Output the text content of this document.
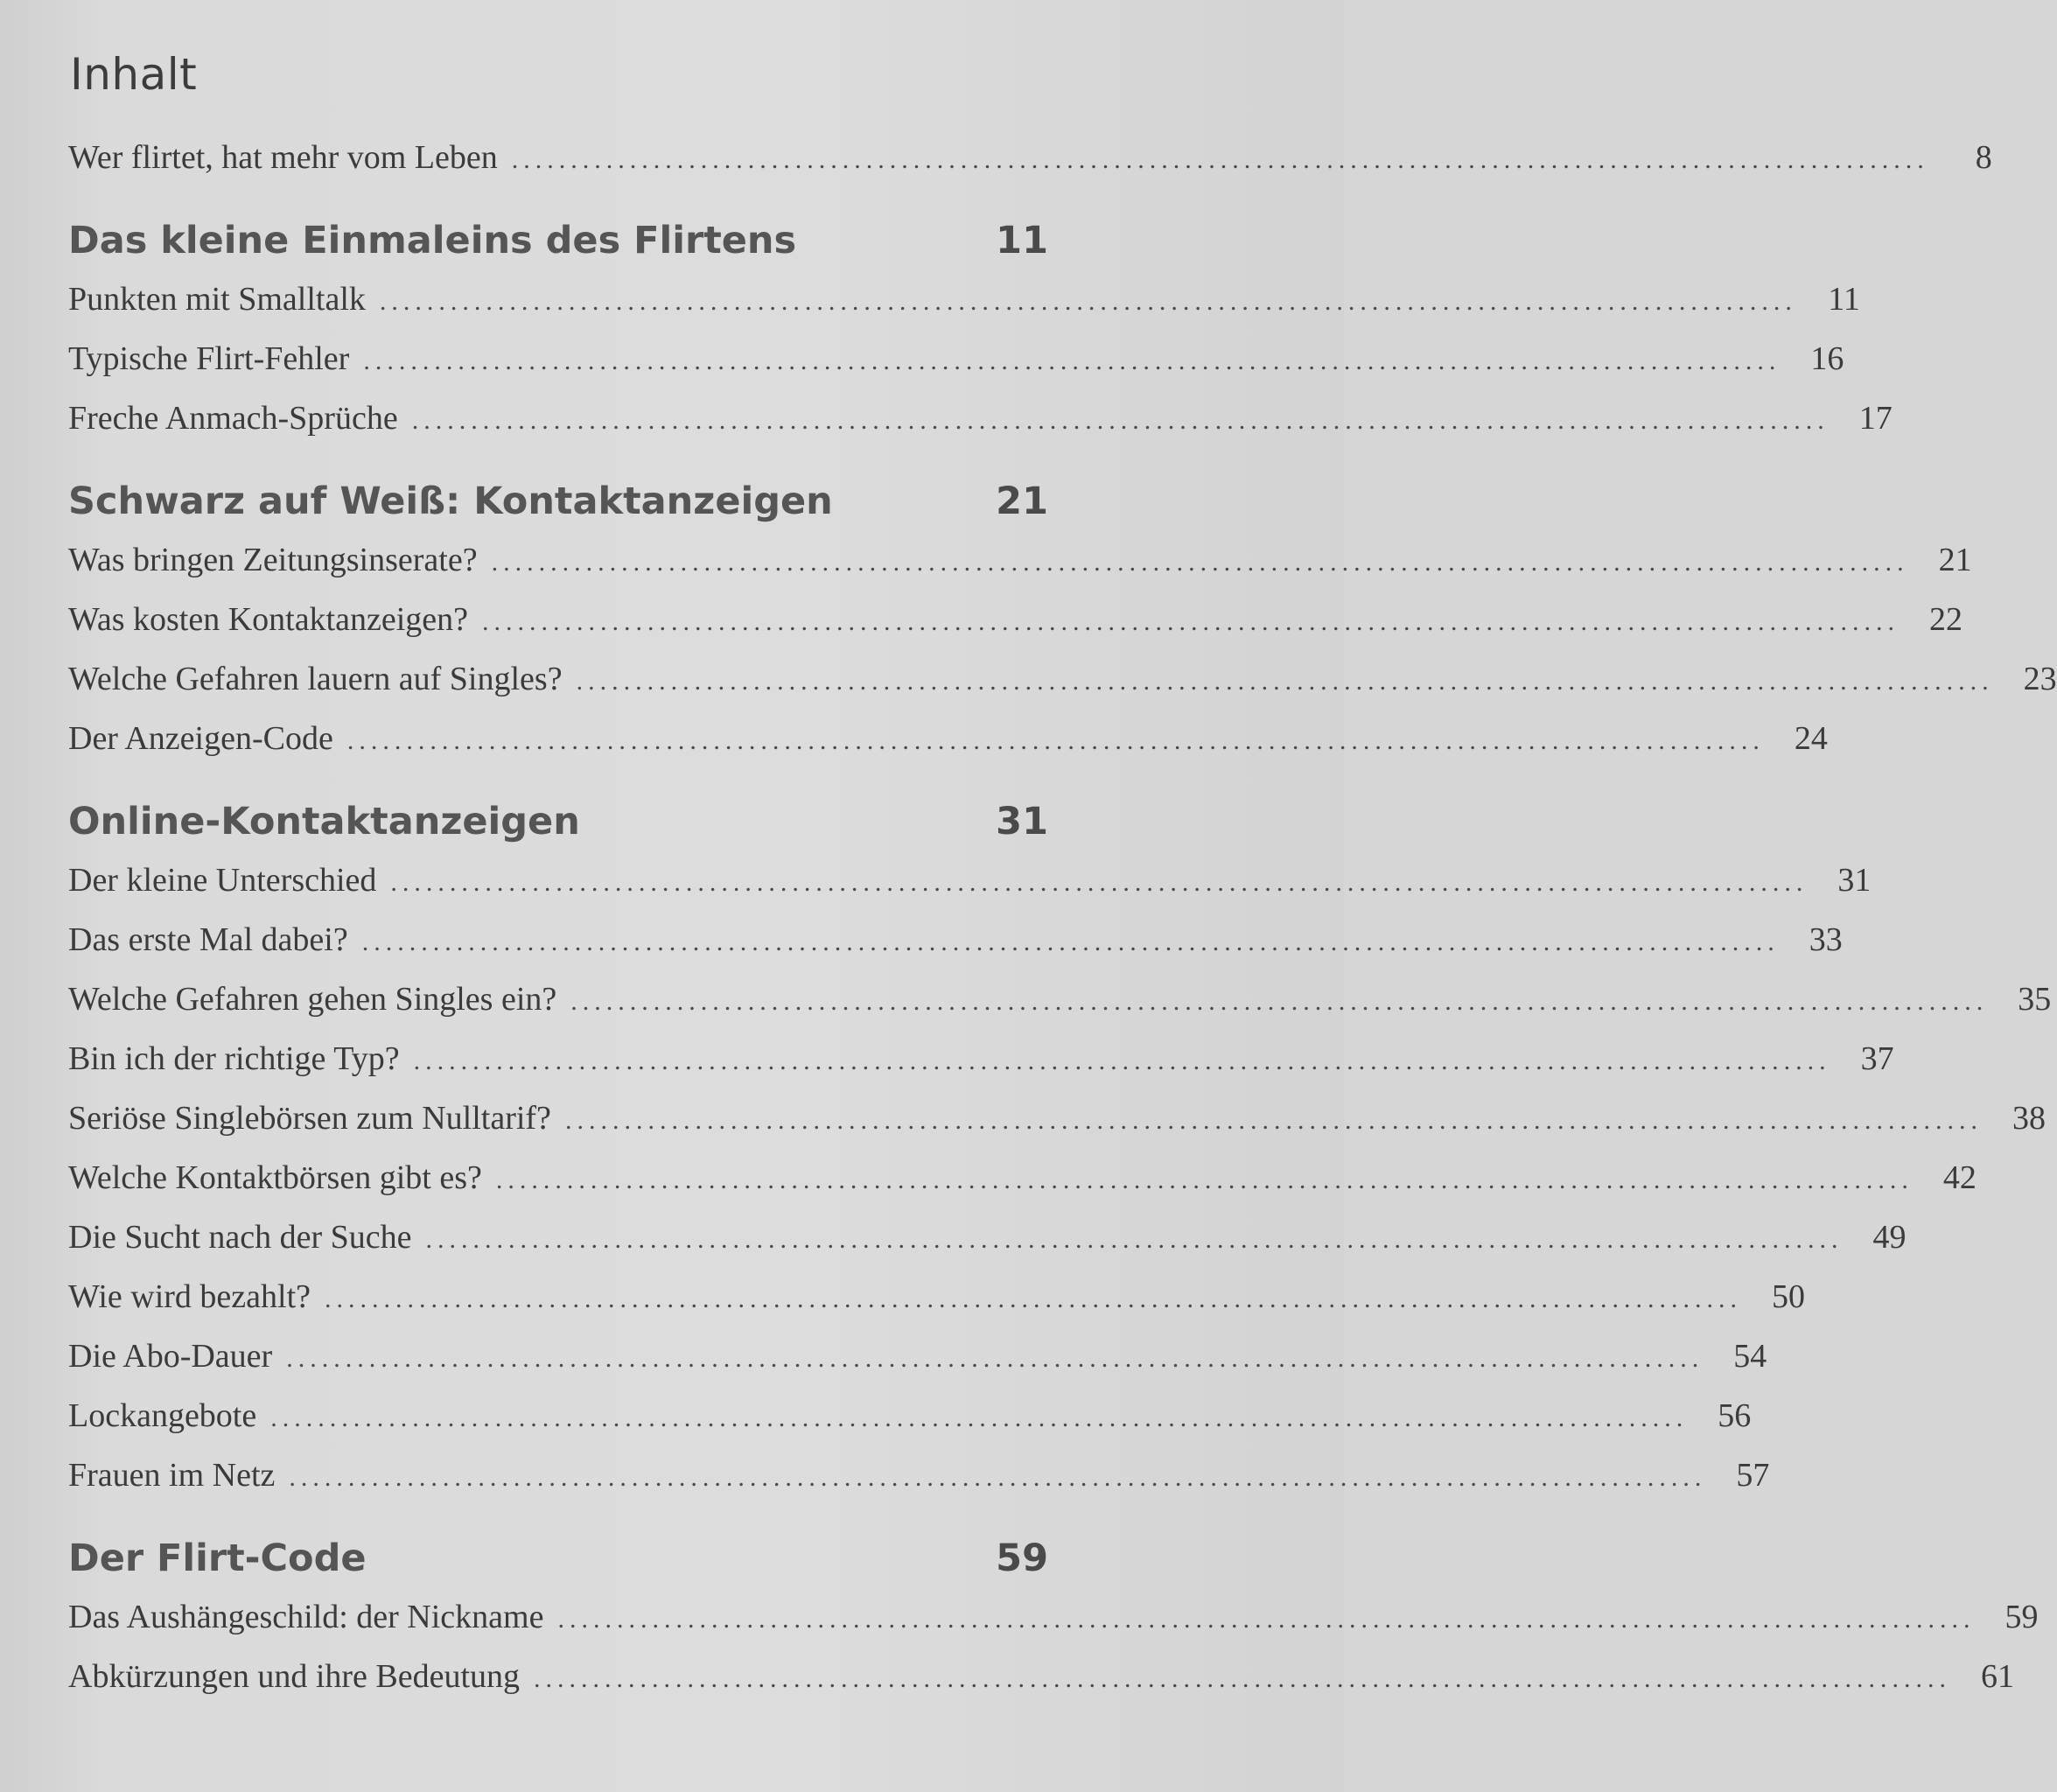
Inhalt
Wer flirtet, hat mehr vom Leben ........................................................................................................................	8
Das kleine Einmaleins des Flirtens	11
Punkten mit Smalltalk ........................................................................................................................ 11
Typische Flirt-Fehler ........................................................................................................................ 16
Freche Anmach-Sprüche ........................................................................................................................ 17
Schwarz auf Weiß: Kontaktanzeigen	21
Was bringen Zeitungsinserate? ........................................................................................................................ 21
Was kosten Kontaktanzeigen? ........................................................................................................................ 22
Welche Gefahren lauern auf Singles? ........................................................................................................................ 23
Der Anzeigen-Code ........................................................................................................................ 24
Online-Kontaktanzeigen	31
Der kleine Unterschied ........................................................................................................................ 31
Das erste Mal dabei? ........................................................................................................................ 33
Welche Gefahren gehen Singles ein? ........................................................................................................................ 35
Bin ich der richtige Typ? ........................................................................................................................ 37
Seriöse Singlebörsen zum Nulltarif? ........................................................................................................................ 38
Welche Kontaktbörsen gibt es? ........................................................................................................................ 42
Die Sucht nach der Suche ........................................................................................................................ 49
Wie wird bezahlt? ........................................................................................................................ 50
Die Abo-Dauer ........................................................................................................................ 54
Lockangebote ........................................................................................................................ 56
Frauen im Netz ........................................................................................................................ 57
Der Flirt-Code	59
Das Aushängeschild: der Nickname ........................................................................................................................ 59
Abkürzungen und ihre Bedeutung ........................................................................................................................ 61
